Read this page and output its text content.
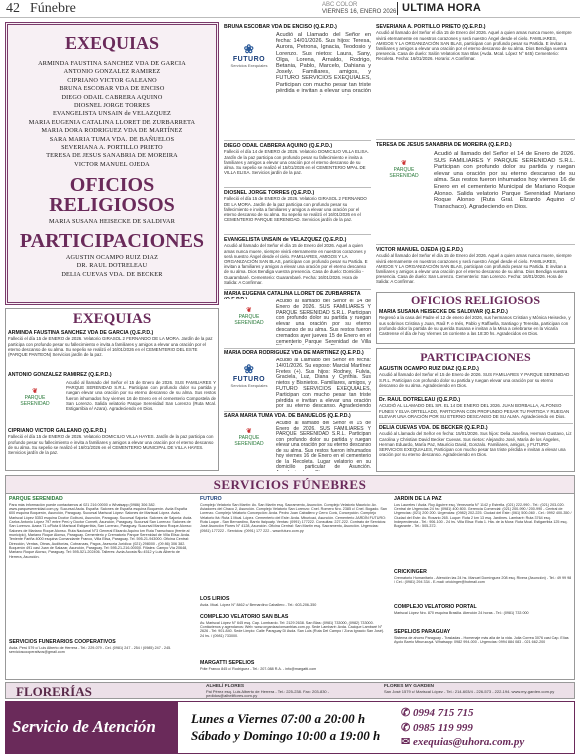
42 Fúnebre	ABC COLOR
VIERNES 16, ENERO 2026 ULTIMA HORA
EXEQUIAS
ARMINDA FAUSTINA SANCHEZ VDA DE GARCIA
ANTONIO GONZALEZ RAMIREZ
CIPRIANO VICTOR GALEANO
BRUNA ESCOBAR VDA DE ENCISO
DIEGO ODAIL CABRERA AQUINO
DIOSNEL JORGE TORRES
EVANGELISTA UNSAIN de VELAZQUEZ
MARIA EUGENIA CATALINA LLORET DE ZURBARRETA
MARIA DORA RODRIGUEZ VDA DE MARTÍNEZ
SARA MARIA TUMA VDA. DE BAÑUELOS
SEVERIANA A. PORTILLO PRIETO
TERESA DE JESUS SANABRIA DE MOREIRA
VICTOR MANUEL OJEDA
OFICIOS RELIGIOSOS
MARIA SUSANA HEISECKE DE SALDIVAR
PARTICIPACIONES
AGUSTIN OCAMPO RUIZ DIAZ
DR. RAUL DOTRELEAU
DELIA CUEVAS VDA. DE BECKER
EXEQUIAS
ARMINDA FAUSTINA SANCHEZ VDA DE GARCIA (Q.E.P.D.)
Falleció el día 15 de ENERO de 2026. Velatorio GIRASOL 2 FERNANDO DE LA MORA. Jardín de la paz participa con profundo pesar su fallecimiento e invita a familiares y amigos a elevar una oración por el eterno descanso de su alma. Su sepelio se realizó el 16/01/2026 en el CEMENTERIO DEL ESTE (PARQUE PANTEON) Servicios jardín de la paz.
ANTONIO GONZALEZ RAMIREZ (Q.E.P.D.)
❦
PARQUE
SERENIDAD
Acudió al llamado del Señor el 15 de Enero de 2026. SUS FAMILIARES Y PARQUE SERENIDAD S.R.L. Participan con profundo dolor su partida y ruegan elevar una oración por su eterno descanso de su alma. Sus restos fueron inhumados hoy viernes 16 de Enero en el cementerio Compostela de San Lorenzo. Salida velatorio Parque Serenidad San Lorenzo (Ruta Mcal. Estigarribia e/ Azara). Agradeciendo en Dios.
CIPRIANO VICTOR GALEANO (Q.E.P.D.)
Falleció el día 15 de ENERO de 2026. Velatorio DOMICILIO VILLA HAYES. Jardín de la paz participa con profundo pesar su fallecimiento e invita a familiares y amigos a elevar una oración por el eterno descanso de su alma. Su sepelio se realizó el 16/01/2026 en el CEMENTERIO MUNICIPAL DE VILLA HAYES. Servicios jardín de la paz.
BRUNA ESCOBAR VDA DE ENCISO (Q.E.P.D.)
❀
FUTURO
Servicios Exequiales
Acudió al Llamado del Señor en fecha: 14/01/2026. Sus hijos: Teresa, Aurora, Petrona, Ignacia, Teodosio y Lorenzo. Sus nietos: Laura, Sany, Olga, Lorena, Arnaldo, Rodrigo, Betania, Pablo, Marcelo, Dahiana y Josely. Familiares, amigos, y FUTURO SERVICIOS EXEQUIALES, Participan con mucho pesar tan triste pérdida e invitan a elevar una oración
DIEGO ODAIL CABRERA AQUINO (Q.E.P.D.)
Falleció el día 14 de ENERO de 2026. Velatorio DOMICILIO VILLA ELISA. Jardín de la paz participa con profundo pesar su fallecimiento e invita a familiares y amigos a elevar una oración por el eterno descanso de su alma. Su sepelio se realizó el 15/01/2026 en el CEMENTERIO MPAL DE VILLA ELISA. Servicios jardín de la paz.
DIOSNEL JORGE TORRES (Q.E.P.D.)
Falleció el día 15 de ENERO de 2026. Velatorio GIRASOL 2 FERNANDO DE LA MORA. Jardín de la paz participa con profundo pesar su fallecimiento e invita a familiares y amigos a elevar una oración por el eterno descanso de su alma. Su sepelio se realizó el 16/01/2026 en el CEMENTERIO PARQUE SERENIDAD. Servicios jardín de la paz.
EVANGELISTA UNSAIN de VELAZQUEZ (Q.E.P.D.)
Acudió al llamado del Señor el día 15 de Enero del 2026. Aquel a quien amas nunca muere, siempre vivirá eternamente en nuestros corazones y será nuestro Ángel desde el cielo. FAMILIARES, AMIGOS Y LA ORGANIZACIÓN SAN BLAS, participan con profundo pesar su Partida. E invitan a familiares y amigos a elevar una oración por el eterno descanso de su alma. Dios Bendiga vuestra presencia. Casa de duelo: Domicilio - Guarambaré. Cementerio: Guarambaré. Fecha: 16/01/2026. Hora de Salida: A Confirmar.
MARIA EUGENIA CATALINA LLORET DE ZURBARRETA
❦
PARQUE
SERENIDAD
Acudió al llamado del Señor el 14 de Enero de 2026. SUS FAMILIARES Y PARQUE SERENIDAD S.R.L. Participan con profundo dolor su partida y ruegan elevar una oración por su eterno descanso de su alma. Sus restos fueron cremados ayer jueves 15 de Enero en el cementerio Parque Serenidad de Villa
MARIA DORA RODRIGUEZ VDA DE MARTÍNEZ (Q.E.P.D.)
❀
FUTURO
Servicios Exequiales
Acudió al Llamado del Señor en fecha: 14/01/2026. Su esposo: Marcial Martínez Fretes (+). Sus hijos: Rodney, Fulvia, Graciela, Luz, Diana y Cynthia. Sus nietos y Bisnietos. Familiares, amigos, y FUTURO SERVICIOS EXEQUIALES, Participan con mucho pesar tan triste pérdida e invitan a elevar una oración por su eterno descanso. Agradeciendo
SARA MARIA TUMA VDA. DE BAÑUELOS (Q.E.P.D.)
❦
PARQUE
SERENIDAD
Acudió al llamado del Señor el 15 de Enero de 2026. SUS FAMILIARES Y PARQUE SERENIDAD S.R.L. Participan con profundo dolor su partida y ruegan elevar una oración por su eterno descanso de su alma. Sus restos fueron inhumados hoy viernes 16 de Enero en el cementerio de la Recoleta. Lugar velatorio en su domicilio particular de Asunción.
SEVERIANA A. PORTILLO PRIETO (Q.E.P.D.)
Acudió al llamado del Señor el día 15 de Enero del 2026. Aquel a quien amas nunca muere, siempre vivirá eternamente en nuestros corazones y será nuestro Ángel desde el cielo. FAMILIARES, AMIGOS Y LA ORGANIZACIÓN SAN BLAS, participan con profundo pesar su Partida. E invitan a familiares y amigos a elevar una oración por el eterno descanso de su alma. Dios Bendiga vuestra presencia. Casa de duelo: Salón Velatorios San Blas (Avda. Mcal. López N° 645) Cementerio: Recoleta. Fecha: 16/01/2026. Horario: A Confirmar.
TERESA DE JESUS SANABRIA DE MOREIRA (Q.E.P.D.)
❦
PARQUE
SERENIDAD
Acudió al llamado del Señor el 14 de Enero de 2026. SUS FAMILIARES Y PARQUE SERENIDAD S.R.L. Participan con profundo dolor su partida y ruegan elevar una oración por su eterno descanso de su alma. Sus restos fueron inhumados hoy viernes 16 de Enero en el cementerio Municipal de Mariano Roque Alonso. Salida velatorio Parque Serenidad Mariano Roque Alonso (Ruta Gral. Elizardo Aquino c/ Transchaco). Agradeciendo en Dios.
VICTOR MANUEL OJEDA (Q.E.P.D.)
Acudió al llamado del Señor el día 15 de Enero del 2026. Aquel a quien amas nunca muere, siempre vivirá eternamente en nuestros corazones y será nuestro Ángel desde el cielo. FAMILIARES, AMIGOS Y LA ORGANIZACIÓN SAN BLAS, participan con profundo pesar su Partida. E invitan a familiares y amigos a elevar una oración por el eterno descanso de su alma. Dios Bendiga vuestra presencia. Casa de duelo: San Lorenzo. Cementerio: San Lorenzo. Fecha: 16/01/2026. Hora de Salida: A Confirmar.
OFICIOS RELIGIOSOS
MARIA SUSANA HEISECKE DE SALDIVAR (Q.E.P.D.)
Regresó a la casa del Padre el 12 de enero del 2026, sus hermanos Cristian y Mónica Heisecke, y sus sobrinos Cristina y Juan, Raúl F. e Inés, Pablo y Raffaella, Santiago y Teresita, participan con profundo dolor la partida de su querida Susana e invitan a la Misa a celebrarse en la Vicaría Castrense el día de hoy Viernes 16 corriente a las 18:30 hs. Agradecidos en Dios.
PARTICIPACIONES
AGUSTIN OCAMPO RUIZ DIAZ (Q.E.P.D.)
Acudió al llamado del Señor el 15 de Enero de 2026. SUS FAMILIARES Y PARQUE SERENIDAD S.R.L. Participan con profundo dolor su partida y ruegan elevar una oración por su eterno descanso de su alma. Agradeciendo en Dios.
Dr. RAUL DOTRELEAU (Q.E.P.D.)
ACUDIÓ AL LLAMADO DEL SR. EL 14 DE ENERO DEL 2026. JUAN BORBALLA, ALFONSO FUNES Y ELVA ORTELLADO, PARTICIPAN CON PROFUNDO PESAR TU PARTIDA Y RUEGAN ELEVAR UNA ORACIÓN POR SU ETERNO DESCANSO DE SU ALMA. Agradeciendo en Dios.
DELIA CUEVAS VDA. DE BECKER (Q.E.P.D.)
Acudió al Llamado del Señor en fecha: 15/01/2026. Sus hijos: Delia Josefina, Herman Gustavo, Liz Carolina y Christian David Becker Cuevas. Sus nietos: Alejandro José, María de los Ángeles, Herman Eduardo, María Paz, Mauricio David, Gonzalo. Familiares, amigos, y FUTURO SERVICIOS EXEQUIALES, Participan con mucho pesar tan triste pérdida e invitan a elevar una oración por su eterno descanso. Agradeciendo en Dios.
SERVICIOS FÚNEBRES
PARQUE SERENIDAD
Para más información puede contactarnos al 021 216 00000 o Whatsapp (0986) 306 382. www.parqueserenidad.com.py. Sucursal Asda. España: Salones de España esquina Boquerón. Avda España 600 esquina Boquerón, Asunción, Paraguay. Sucursal Mariscal López: Salones de Mariscal López. Avda. Mariscal López 5353 esquina Doctor Goiburú, Asunción, Paraguay. Sucursal Sajonia: Salones de Sajonia: Avda. Carlos Antonio López 797 entre Perú y Doctor Cornett, Asunción, Paraguay. Sucursal San Lorenzo: Salones de San Lorenzo. Azara 71 c/Ruta 6 Mariscal Estigarribia, San Lorenzo, Paraguay. Sucursal Mariano Roque Alonso: Salones de Mariano Roque Alonso. Ruta Nacional N°3 General Elizardo Aquino km Ruta Transchaco (frente al municipio), Mariano Roque Alonso, Paraguay. Cementerio y Crematorio Parque Serenidad de Villa Elisa: Avda. Teniente Fariña 4000 esquina Comandante Franco, Villa Elisa, Paraguay. Tel. 595-21-943000. Oficina Central: Dirección, Ventas, Obras, Auditorías, Cobranzas, Pagos, Asesoría Jurídica: (021) 298000 - (09 86) 306 382. Boquerón 491 casi Juan de Salazar, Asunción, Paraguay. Tel: 595-21-216-00000. Filiales: Campo Vía 20648, Mariano Roque Alonso, Paraguay. Tel: 595-521-202406. Talleres: Avda Acosta Ñu 4512 y Luis Alberto de Herrera, Asunción.
SERVICIOS FUNERARIOS COOPERATIVOS
Avda. Perú 579 c/ Luis Alberto de Herrera - Tel.: 229-079 - Cel. (0981) 247 - 254 / (0985) 247 - 245. servicioscooperativos@gmail.com
FUTURO
Complejo Velatorio San Martín: Av. San Martín esq. Sacramento, Asunción. Complejo Velatorio Mauricio: Av. Aviadores del Chaco 2, Asunción. Complejo Velatorio San Lorenzo: Cnel. Romero Nro. 2385 c/ Cnel. Bogado. San Lorenzo. Complejo Velatorio Concepción: Avda. Pedro Juan Caballero y Cerro Corá, Concepción. Complejo Velatorio Itá: Ruta 1 Mcal. López. Cementerio del Este: Avda. Mburicaó, Asunción. Cementerio JARDÍN FUTURO: Ruta Luque - San Bernardino, Barrio Itaipuaty. Ventas: (0991) 177222. Consultas: 227-222. Contrato de Servicios: José Asunción Flores N° 4128, Asunción. Oficina Central: San Martín esq. Sacramento, Asunción. Urgencias: (0981) 177222 - Servicios: (0991) 177 222 - www.futuro.com.py
LOS LIRIOS
Avda. Mcal. López N° 8462 c/ Bernardino Caballero - Tel.: 603-206-350
COMPLEJO VELATORIO SAN BLAS
Av. Mariscal López N° 645 esq. Cap. Lombardo. Tel: 2129 2638. San Blas: (0981) 733000, (0982) 733000. Contáctenos y agendanos: Web: www.organizacionsanblas.com.py. Sede Lambaré: Avda. Cacique Lambaré N° 2626 - Tel: 901-840. Sede Limpio: Calle Paraguay Di Asda. San Luis (Ruta Del Campo / Zona Ignacio San José). 24 hs. / (0981) 733000.
MARGATTI SEPELIOS
Pdte Franco 845 c/ Rodríguez - Tel.: 207-088 R.A. - info@margatti.com
JARDÍN DE LA PAZ
Los Laureles / Avda. Ruy Aguirre esq. Venezuela N° 1142 y Estrella. (021) 222-990 - Tel.: (021) 203-020. Central de Urgencias 24 hs: (0981) 400 800. Gerencia Comercial: (021) 200-990 / 200-990 - Central de Urgencias: (021) 200 200. Urgencias: (0982) 202-225. Ciudad del Este: (061) 500-060 - Cel.: 0992 400-350 / Ciudad del Este: Av. Rosario 265. Luque: Ruta 2 km 13 esq. Jardines. Lambaré: Ruta 3764 esq. Independencia - Tel.: 906-100 - 24 hs. Villa Elisa: Ruta 1. Hta. de la Mora: Ruta Mcal. Estigarribia 125 esq. Bogarante - Tel.: 505-372.
CRICKINGER
Crematorio Humanitario - Atención las 24 hs. Manuel Domínguez 208 esq. Rivera (Asunción) - Tel.: 49 99 98 / Cel.: (0981) 294 334 - E-mail: crickinger@hotmail.com
COMPLEJO VELATORIO PORTAL
Mariscal López Nro. 870 esquina Brasilia. Atención 24 horas - Tel.: (0981) 733 000
SEPELIOS PARAGUAY
Sistema de ahorro Paraguay - Trasladas - Homenaje más alla de la vida. Julia Correa 3076 casi Cap. Elías Ayolo Barrio Mburucuyá. Whatsapp: 0982 994-000 - Urgencias: 0994 884 083 - 021 662-200
FLORERÍAS	ALHELÍ FLORES
Pai Pérez esq. Luis Alberto de Herrera - Tel.: 225-238. Fax: 203-830 - pedidos@alheliflores.com.py
FLORES MY GARDEN
San José 1579 c/ Mariscal López - Tel.: 214-603/4 - 226-573 - 222-194. www.my-garden.com.py
Servicio de Atención	Lunes a Viernes 07:00 a 20:00 h
Sábado y Domingo 10:00 a 19:00 h
✆ 0994 715 715
✆ 0985 119 999
✉ exequias@uhora.com.py
